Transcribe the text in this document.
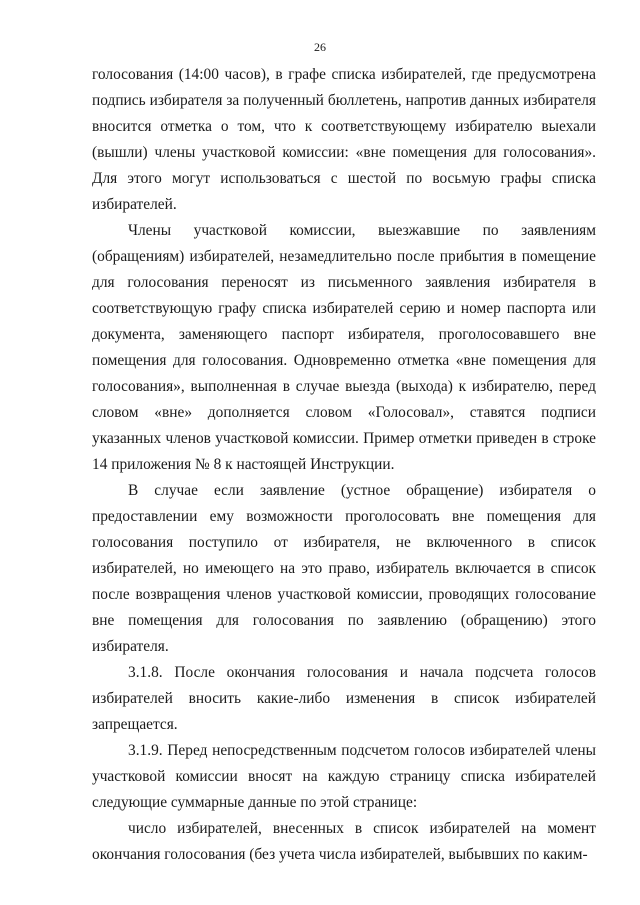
26

голосования (14:00 часов), в графе списка избирателей, где предусмотрена подпись избирателя за полученный бюллетень, напротив данных избирателя вносится отметка о том, что к соответствующему избирателю выехали (вышли) члены участковой комиссии: «вне помещения для голосования». Для этого могут использоваться с шестой по восьмую графы списка избирателей.

Члены участковой комиссии, выезжавшие по заявлениям (обращениям) избирателей, незамедлительно после прибытия в помещение для голосования переносят из письменного заявления избирателя в соответствующую графу списка избирателей серию и номер паспорта или документа, заменяющего паспорт избирателя, проголосовавшего вне помещения для голосования. Одновременно отметка «вне помещения для голосования», выполненная в случае выезда (выхода) к избирателю, перед словом «вне» дополняется словом «Голосовал», ставятся подписи указанных членов участковой комиссии. Пример отметки приведен в строке 14 приложения № 8 к настоящей Инструкции.

В случае если заявление (устное обращение) избирателя о предоставлении ему возможности проголосовать вне помещения для голосования поступило от избирателя, не включенного в список избирателей, но имеющего на это право, избиратель включается в список после возвращения членов участковой комиссии, проводящих голосование вне помещения для голосования по заявлению (обращению) этого избирателя.

3.1.8. После окончания голосования и начала подсчета голосов избирателей вносить какие-либо изменения в список избирателей запрещается.

3.1.9. Перед непосредственным подсчетом голосов избирателей члены участковой комиссии вносят на каждую страницу списка избирателей следующие суммарные данные по этой странице:

число избирателей, внесенных в список избирателей на момент окончания голосования (без учета числа избирателей, выбывших по каким-
